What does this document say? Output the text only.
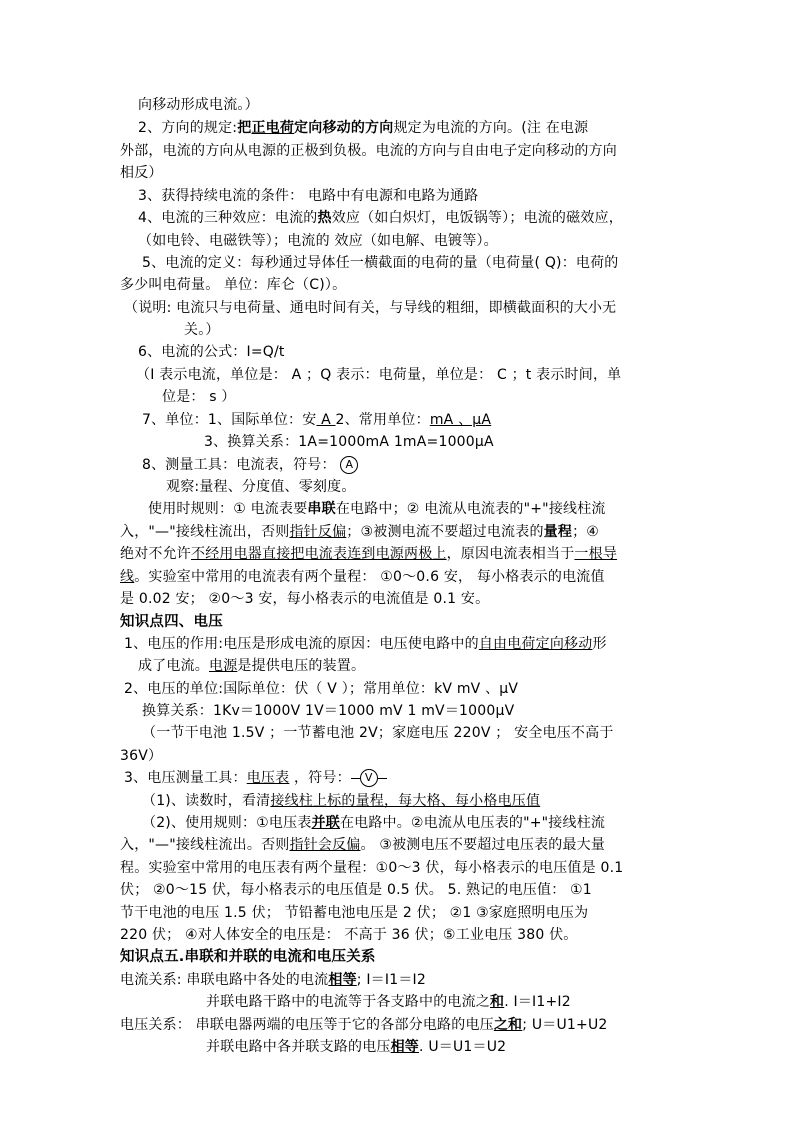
向移动形成电流。）
2、方向的规定:把正电荷定向移动的方向规定为电流的方向。(注 在电源
外部，电流的方向从电源的正极到负极。电流的方向与自由电子定向移动的方向
相反）
3、获得持续电流的条件： 电路中有电源和电路为通路
4、电流的三种效应：电流的热效应（如白炽灯，电饭锅等）；电流的磁效应，
（如电铃、电磁铁等）；电流的 效应（如电解、电镀等）。
5、电流的定义：每秒通过导体任一横截面的电荷的量（电荷量( Q)：电荷的
多少叫电荷量。 单位：库仑（C)）。
（说明: 电流只与电荷量、通电时间有关，与导线的粗细，即横截面积的大小无
关。）
6、电流的公式：I=Q/t
（I 表示电流，单位是： A ；Q 表示：电荷量，单位是： C ；t 表示时间，单
位是： s ）
7、单位：1、国际单位：安 A 2、常用单位：mA 、μA
3、换算关系：1A=1000mA 1mA=1000μA
8、测量工具：电流表，符号： A
观察:量程、分度值、零刻度。
使用时规则：① 电流表要串联在电路中；② 电流从电流表的"+"接线柱流
入，"—"接线柱流出，否则指针反偏；③被测电流不要超过电流表的量程；④
绝对不允许不经用电器直接把电流表连到电源两极上，原因电流表相当于一根导
线。实验室中常用的电流表有两个量程： ①0～0.6 安， 每小格表示的电流值
是 0.02 安； ②0～3 安，每小格表示的电流值是 0.1 安。
知识点四、电压
1、电压的作用:电压是形成电流的原因：电压使电路中的自由电荷定向移动形
成了电流。电源是提供电压的装置。
2、电压的单位:国际单位：伏（ V ）；常用单位：kV mV 、μV
换算关系：1Kv＝1000V 1V＝1000 mV 1 mV＝1000μV
（一节干电池 1.5V ；一节蓄电池 2V；家庭电压 220V ； 安全电压不高于
36V）
3、电压测量工具：电压表 ，符号： V
（1)、读数时，看清接线柱上标的量程，每大格、每小格电压值
（2)、使用规则：①电压表并联在电路中。②电流从电压表的"+"接线柱流
入，"—"接线柱流出。否则指针会反偏。 ③被测电压不要超过电压表的最大量
程。实验室中常用的电压表有两个量程：①0～3 伏，每小格表示的电压值是 0.1
伏； ②0～15 伏，每小格表示的电压值是 0.5 伏。 5. 熟记的电压值： ①1
节干电池的电压 1.5 伏； 节铅蓄电池电压是 2 伏； ②1 ③家庭照明电压为
220 伏； ④对人体安全的电压是： 不高于 36 伏；⑤工业电压 380 伏。
知识点五.串联和并联的电流和电压关系
电流关系: 串联电路中各处的电流相等; I＝I1＝I2
并联电路干路中的电流等于各支路中的电流之和. I＝I1+I2
电压关系： 串联电器两端的电压等于它的各部分电路的电压之和; U＝U1+U2
并联电路中各并联支路的电压相等. U＝U1＝U2
